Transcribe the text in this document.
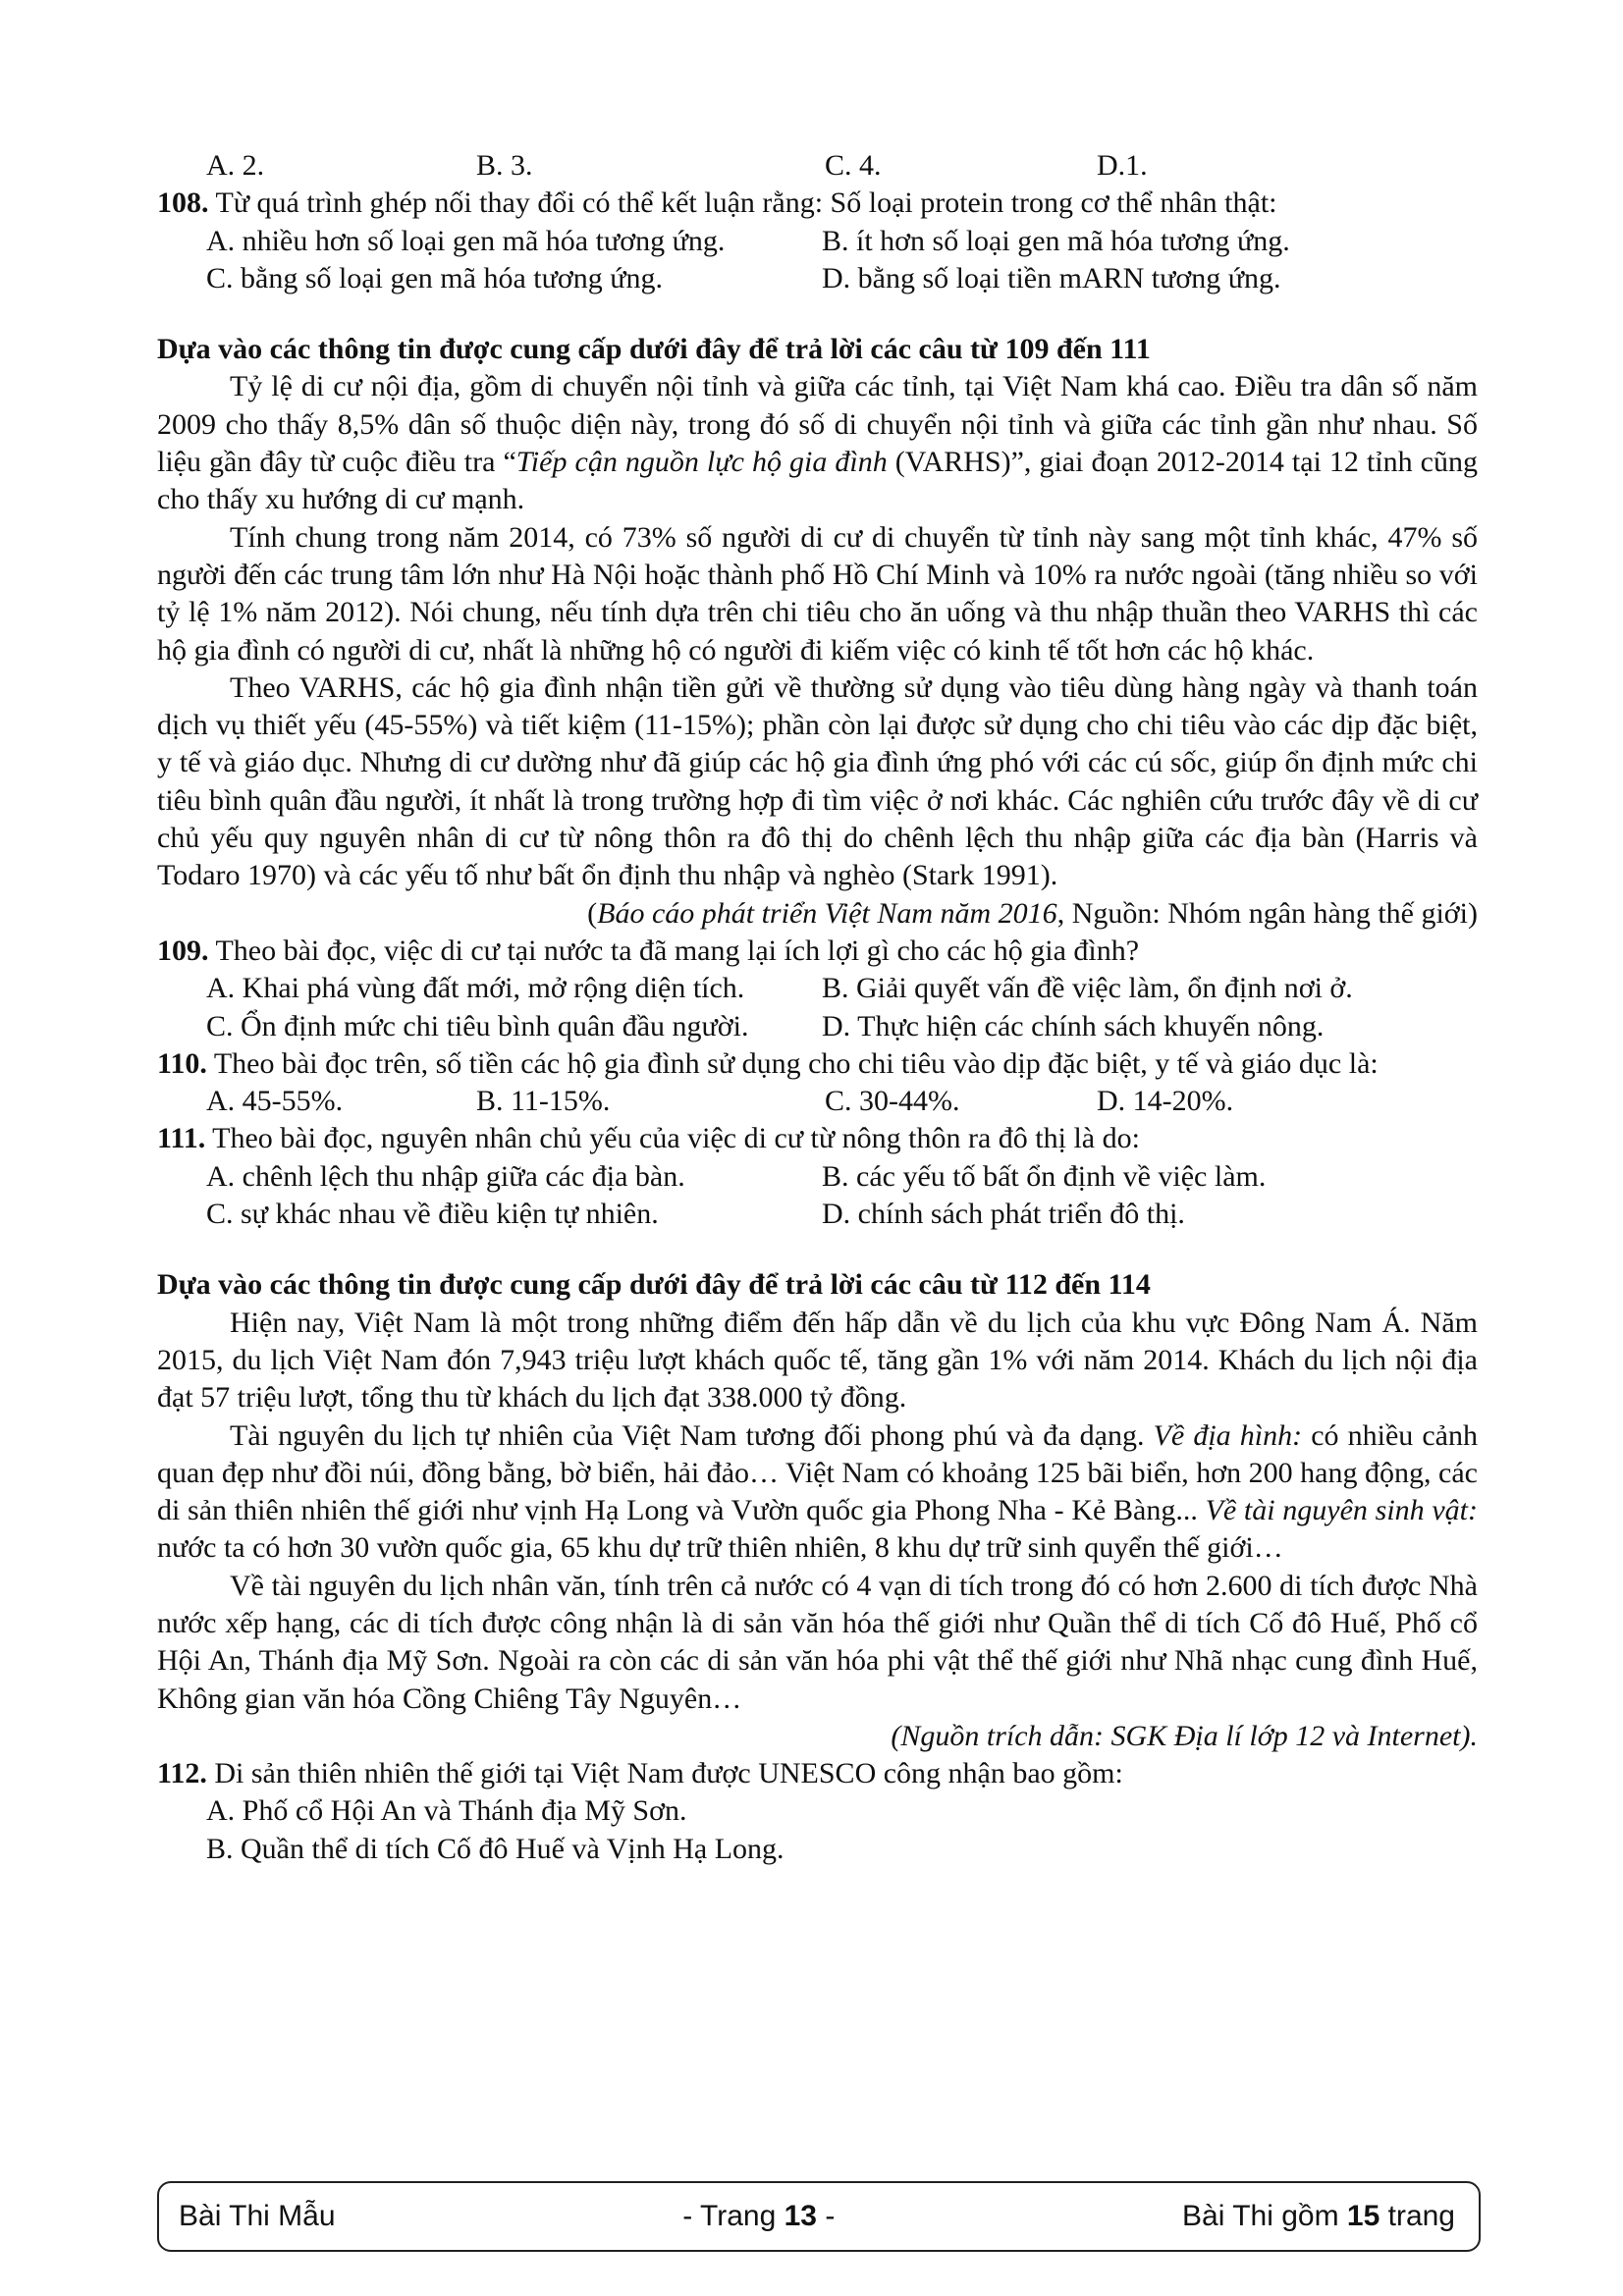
A. 2.	B. 3.	C. 4.	D.1.

108. Từ quá trình ghép nối thay đổi có thể kết luận rằng: Số loại protein trong cơ thể nhân thật:

A. nhiều hơn số loại gen mã hóa tương ứng.	B. ít hơn số loại gen mã hóa tương ứng.
C. bằng số loại gen mã hóa tương ứng.	D. bằng số loại tiền mARN tương ứng.
Dựa vào các thông tin được cung cấp dưới đây để trả lời các câu từ 109 đến 111

Tỷ lệ di cư nội địa, gồm di chuyển nội tỉnh và giữa các tỉnh, tại Việt Nam khá cao. Điều tra dân số năm 2009 cho thấy 8,5% dân số thuộc diện này, trong đó số di chuyển nội tỉnh và giữa các tỉnh gần như nhau. Số liệu gần đây từ cuộc điều tra “Tiếp cận nguồn lực hộ gia đình (VARHS)”, giai đoạn 2012-2014 tại 12 tỉnh cũng cho thấy xu hướng di cư mạnh.

Tính chung trong năm 2014, có 73% số người di cư di chuyển từ tỉnh này sang một tỉnh khác, 47% số người đến các trung tâm lớn như Hà Nội hoặc thành phố Hồ Chí Minh và 10% ra nước ngoài (tăng nhiều so với tỷ lệ 1% năm 2012). Nói chung, nếu tính dựa trên chi tiêu cho ăn uống và thu nhập thuần theo VARHS thì các hộ gia đình có người di cư, nhất là những hộ có người đi kiếm việc có kinh tế tốt hơn các hộ khác.

Theo VARHS, các hộ gia đình nhận tiền gửi về thường sử dụng vào tiêu dùng hàng ngày và thanh toán dịch vụ thiết yếu (45-55%) và tiết kiệm (11-15%); phần còn lại được sử dụng cho chi tiêu vào các dịp đặc biệt, y tế và giáo dục. Nhưng di cư dường như đã giúp các hộ gia đình ứng phó với các cú sốc, giúp ổn định mức chi tiêu bình quân đầu người, ít nhất là trong trường hợp đi tìm việc ở nơi khác. Các nghiên cứu trước đây về di cư chủ yếu quy nguyên nhân di cư từ nông thôn ra đô thị do chênh lệch thu nhập giữa các địa bàn (Harris và Todaro 1970) và các yếu tố như bất ổn định thu nhập và nghèo (Stark 1991).

(Báo cáo phát triển Việt Nam năm 2016, Nguồn: Nhóm ngân hàng thế giới)

109. Theo bài đọc, việc di cư tại nước ta đã mang lại ích lợi gì cho các hộ gia đình?

A. Khai phá vùng đất mới, mở rộng diện tích.	B. Giải quyết vấn đề việc làm, ổn định nơi ở.
C. Ổn định mức chi tiêu bình quân đầu người.	D. Thực hiện các chính sách khuyến nông.

110. Theo bài đọc trên, số tiền các hộ gia đình sử dụng cho chi tiêu vào dịp đặc biệt, y tế và giáo dục là:

A. 45-55%.	B. 11-15%.	C. 30-44%.	D. 14-20%.

111. Theo bài đọc, nguyên nhân chủ yếu của việc di cư từ nông thôn ra đô thị là do:

A. chênh lệch thu nhập giữa các địa bàn.	B. các yếu tố bất ổn định về việc làm.
C. sự khác nhau về điều kiện tự nhiên.	D. chính sách phát triển đô thị.
Dựa vào các thông tin được cung cấp dưới đây để trả lời các câu từ 112 đến 114

Hiện nay, Việt Nam là một trong những điểm đến hấp dẫn về du lịch của khu vực Đông Nam Á. Năm 2015, du lịch Việt Nam đón 7,943 triệu lượt khách quốc tế, tăng gần 1% với năm 2014. Khách du lịch nội địa đạt 57 triệu lượt, tổng thu từ khách du lịch đạt 338.000 tỷ đồng.

Tài nguyên du lịch tự nhiên của Việt Nam tương đối phong phú và đa dạng. Về địa hình: có nhiều cảnh quan đẹp như đồi núi, đồng bằng, bờ biển, hải đảo… Việt Nam có khoảng 125 bãi biển, hơn 200 hang động, các di sản thiên nhiên thế giới như vịnh Hạ Long và Vườn quốc gia Phong Nha - Kẻ Bàng... Về tài nguyên sinh vật: nước ta có hơn 30 vườn quốc gia, 65 khu dự trữ thiên nhiên, 8 khu dự trữ sinh quyển thế giới…

Về tài nguyên du lịch nhân văn, tính trên cả nước có 4 vạn di tích trong đó có hơn 2.600 di tích được Nhà nước xếp hạng, các di tích được công nhận là di sản văn hóa thế giới như Quần thể di tích Cố đô Huế, Phố cổ Hội An, Thánh địa Mỹ Sơn. Ngoài ra còn các di sản văn hóa phi vật thể thế giới như Nhã nhạc cung đình Huế, Không gian văn hóa Cồng Chiêng Tây Nguyên…

(Nguồn trích dẫn: SGK Địa lí lớp 12 và Internet).

112. Di sản thiên nhiên thế giới tại Việt Nam được UNESCO công nhận bao gồm:

A. Phố cổ Hội An và Thánh địa Mỹ Sơn.
B. Quần thể di tích Cố đô Huế và Vịnh Hạ Long.
Bài Thi Mẫu	- Trang 13 -	Bài Thi gồm 15 trang
